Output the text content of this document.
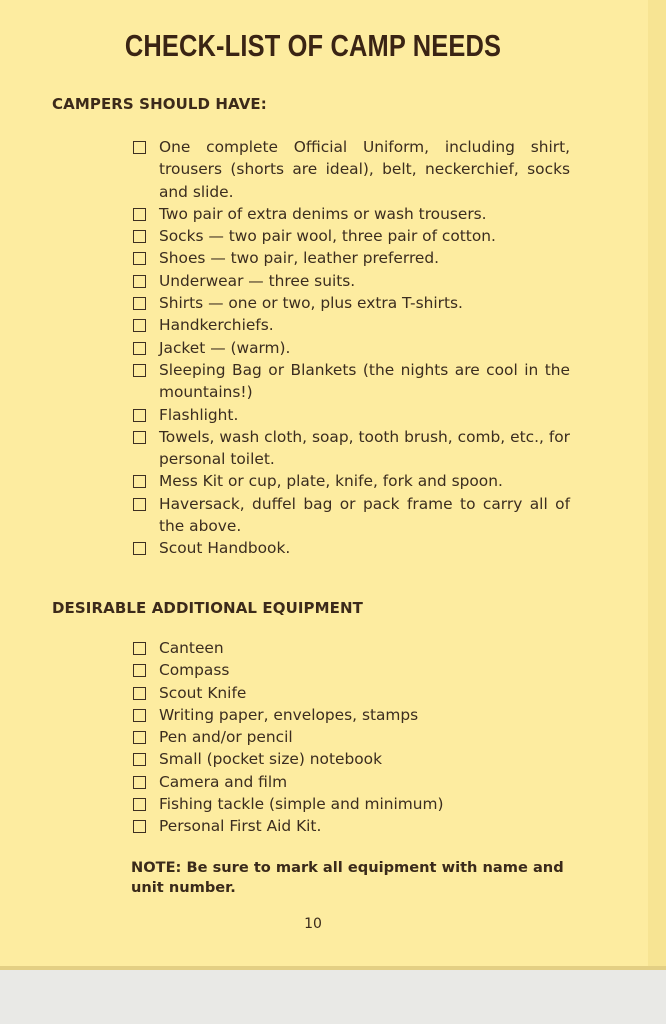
CHECK-LIST OF CAMP NEEDS
CAMPERS SHOULD HAVE:
One complete Official Uniform, including shirt, trousers (shorts are ideal), belt, neckerchief, socks and slide.
Two pair of extra denims or wash trousers.
Socks — two pair wool, three pair of cotton.
Shoes — two pair, leather preferred.
Underwear — three suits.
Shirts — one or two, plus extra T-shirts.
Handkerchiefs.
Jacket — (warm).
Sleeping Bag or Blankets (the nights are cool in the mountains!)
Flashlight.
Towels, wash cloth, soap, tooth brush, comb, etc., for personal toilet.
Mess Kit or cup, plate, knife, fork and spoon.
Haversack, duffel bag or pack frame to carry all of the above.
Scout Handbook.
DESIRABLE ADDITIONAL EQUIPMENT
Canteen
Compass
Scout Knife
Writing paper, envelopes, stamps
Pen and/or pencil
Small (pocket size) notebook
Camera and film
Fishing tackle (simple and minimum)
Personal First Aid Kit.
NOTE: Be sure to mark all equipment with name and unit number.
10
